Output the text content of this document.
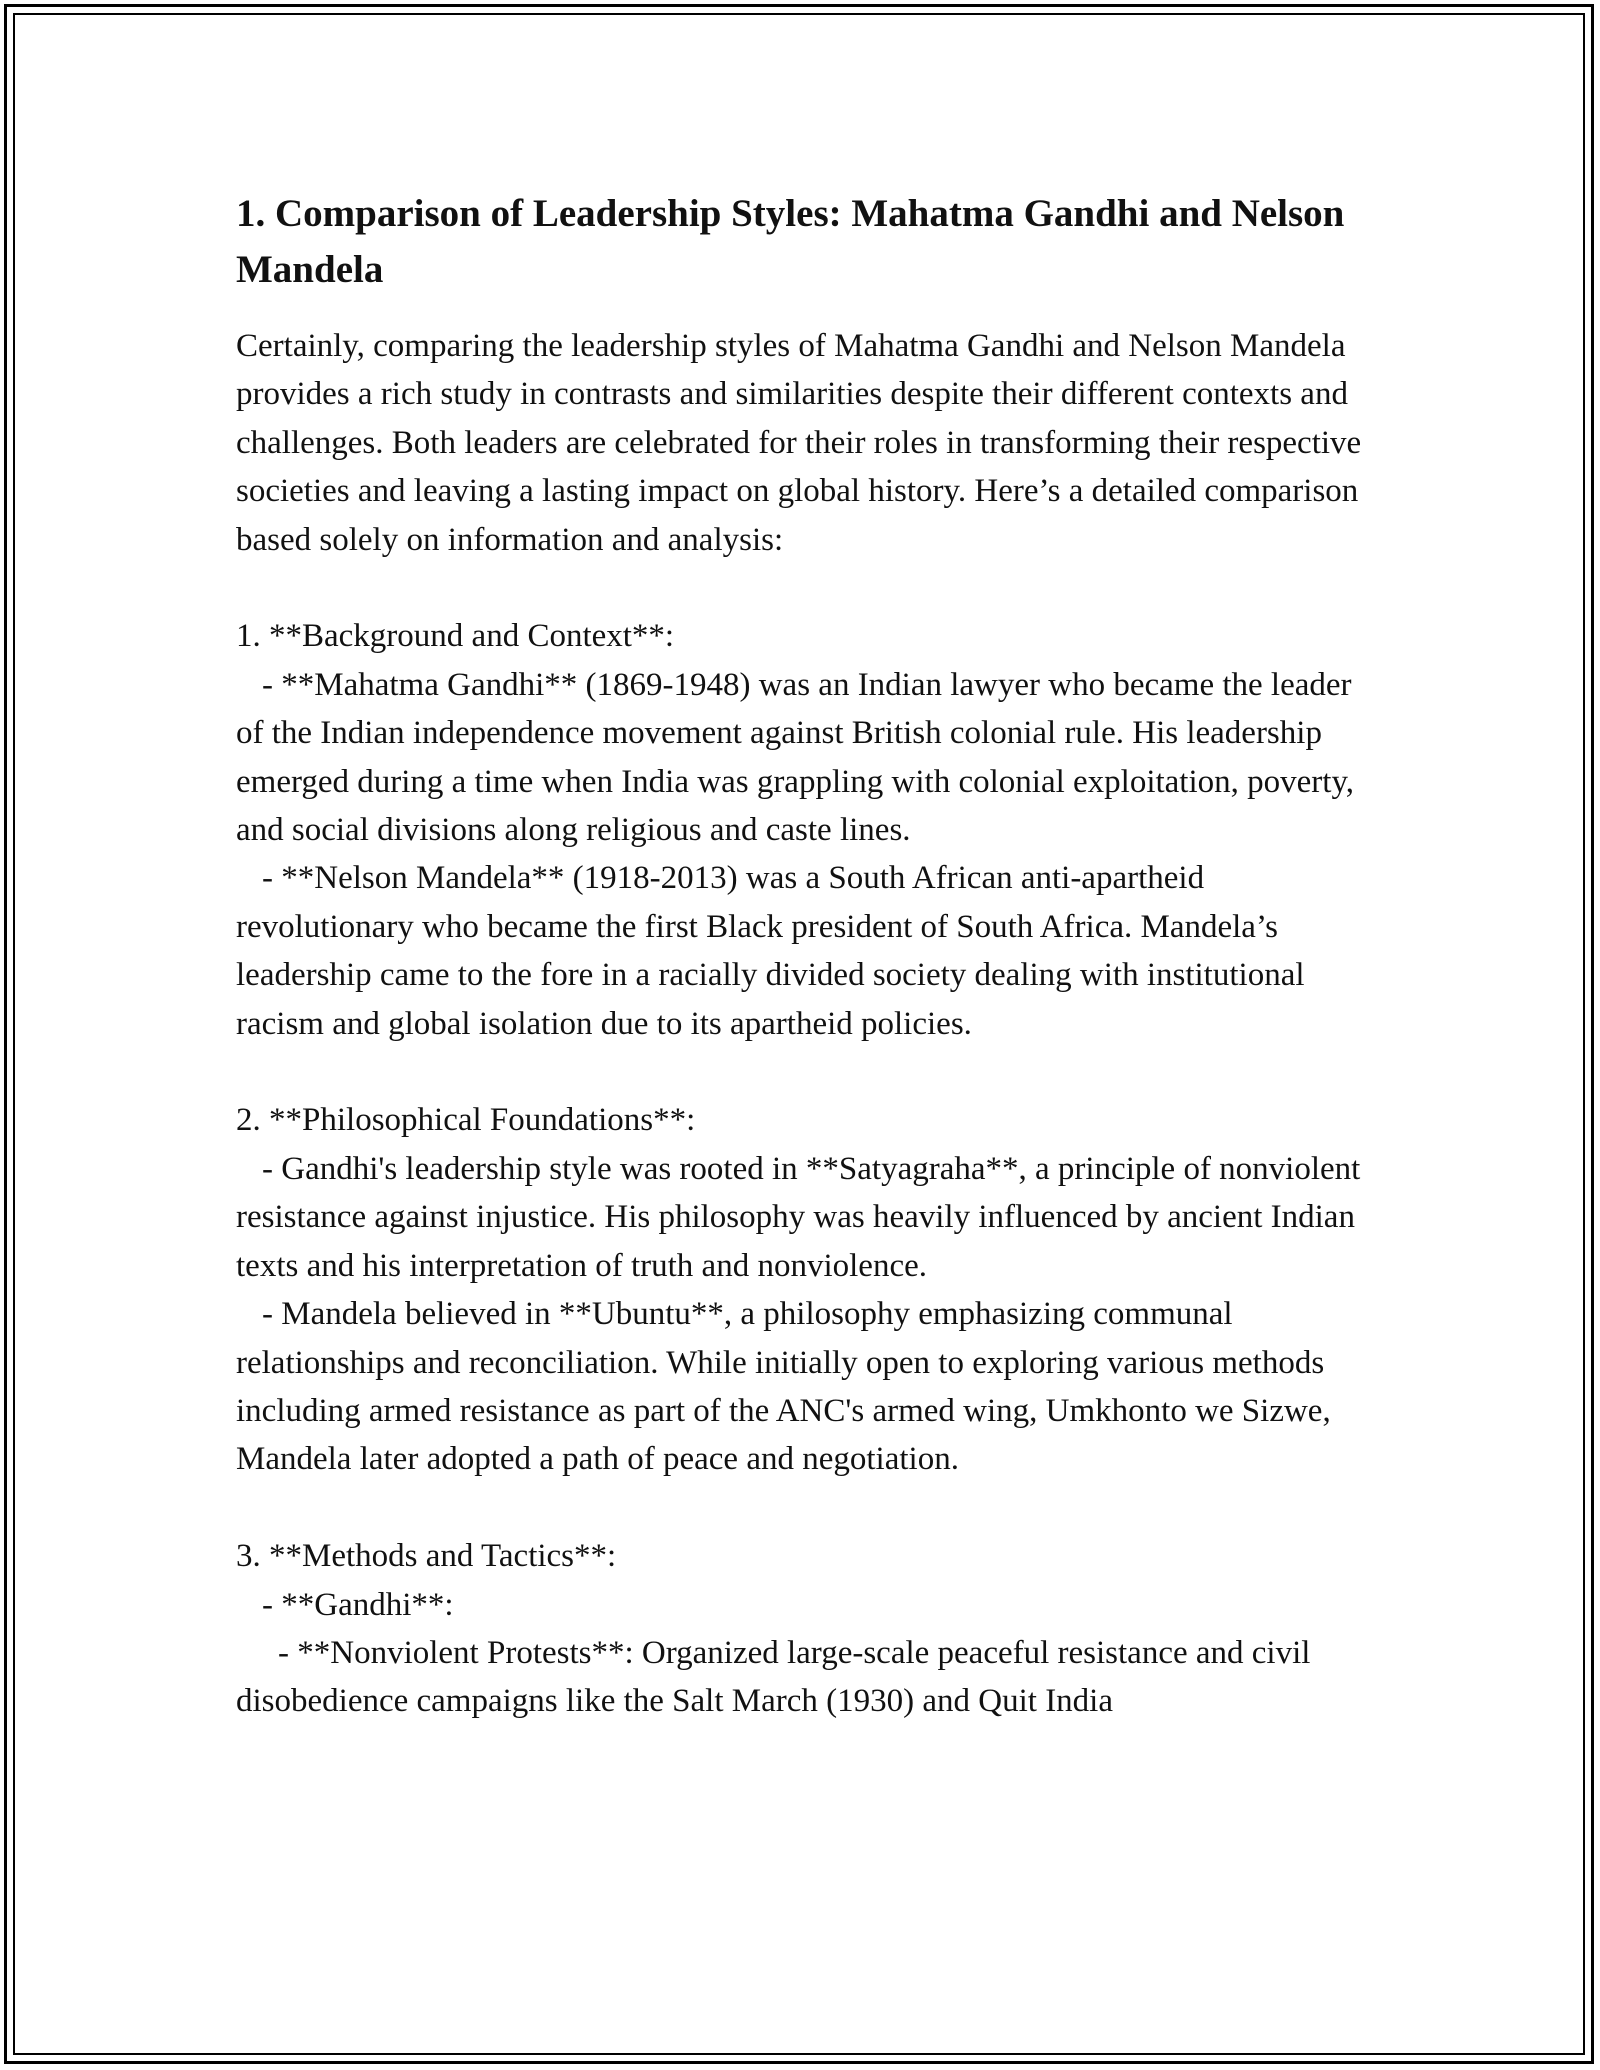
1. Comparison of Leadership Styles: Mahatma Gandhi and Nelson Mandela

Certainly, comparing the leadership styles of Mahatma Gandhi and Nelson Mandela provides a rich study in contrasts and similarities despite their different contexts and challenges. Both leaders are celebrated for their roles in transforming their respective societies and leaving a lasting impact on global history. Here’s a detailed comparison based solely on information and analysis:

1. **Background and Context**:

- **Mahatma Gandhi** (1869-1948) was an Indian lawyer who became the leader of the Indian independence movement against British colonial rule. His leadership emerged during a time when India was grappling with colonial exploitation, poverty, and social divisions along religious and caste lines.

- **Nelson Mandela** (1918-2013) was a South African anti-apartheid revolutionary who became the first Black president of South Africa. Mandela’s leadership came to the fore in a racially divided society dealing with institutional racism and global isolation due to its apartheid policies.

2. **Philosophical Foundations**:

- Gandhi's leadership style was rooted in **Satyagraha**, a principle of nonviolent resistance against injustice. His philosophy was heavily influenced by ancient Indian texts and his interpretation of truth and nonviolence.

- Mandela believed in **Ubuntu**, a philosophy emphasizing communal relationships and reconciliation. While initially open to exploring various methods including armed resistance as part of the ANC's armed wing, Umkhonto we Sizwe, Mandela later adopted a path of peace and negotiation.

3. **Methods and Tactics**:

- **Gandhi**:

- **Nonviolent Protests**: Organized large-scale peaceful resistance and civil disobedience campaigns like the Salt March (1930) and Quit India
